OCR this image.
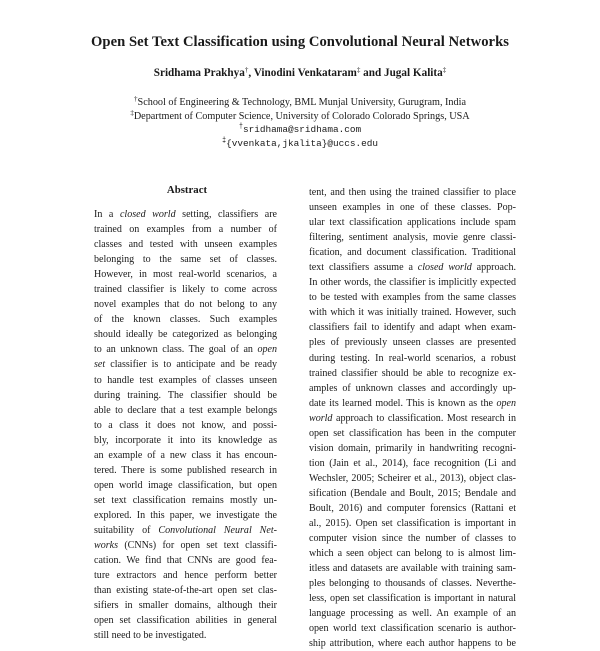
Open Set Text Classification using Convolutional Neural Networks
Sridhama Prakhya†, Vinodini Venkataram‡ and Jugal Kalita‡
†School of Engineering & Technology, BML Munjal University, Gurugram, India
‡Department of Computer Science, University of Colorado Colorado Springs, USA
†sridhama@sridhama.com
‡{vvenkata,jkalita}@uccs.edu
Abstract
In a closed world setting, classifiers are
trained on examples from a number of
classes and tested with unseen examples
belonging to the same set of classes.
However, in most real-world scenarios, a
trained classifier is likely to come across
novel examples that do not belong to any
of the known classes. Such examples
should ideally be categorized as belonging
to an unknown class. The goal of an open
set classifier is to anticipate and be ready
to handle test examples of classes unseen
during training. The classifier should be
able to declare that a test example belongs
to a class it does not know, and possi-
bly, incorporate it into its knowledge as
an example of a new class it has encoun-
tered. There is some published research in
open world image classification, but open
set text classification remains mostly un-
explored. In this paper, we investigate the
suitability of Convolutional Neural Net-
works (CNNs) for open set text classifi-
cation. We find that CNNs are good fea-
ture extractors and hence perform better
than existing state-of-the-art open set clas-
sifiers in smaller domains, although their
open set classification abilities in general
still need to be investigated.
tent, and then using the trained classifier to place
unseen examples in one of these classes. Pop-
ular text classification applications include spam
filtering, sentiment analysis, movie genre classi-
fication, and document classification. Traditional
text classifiers assume a closed world approach.
In other words, the classifier is implicitly expected
to be tested with examples from the same classes
with which it was initially trained. However, such
classifiers fail to identify and adapt when exam-
ples of previously unseen classes are presented
during testing. In real-world scenarios, a robust
trained classifier should be able to recognize ex-
amples of unknown classes and accordingly up-
date its learned model. This is known as the open
world approach to classification. Most research in
open set classification has been in the computer
vision domain, primarily in handwriting recogni-
tion (Jain et al., 2014), face recognition (Li and
Wechsler, 2005; Scheirer et al., 2013), object clas-
sification (Bendale and Boult, 2015; Bendale and
Boult, 2016) and computer forensics (Rattani et
al., 2015). Open set classification is important in
computer vision since the number of classes to
which a seen object can belong to is almost lim-
itless and datasets are available with training sam-
ples belonging to thousands of classes. Neverthe-
less, open set classification is important in natural
language processing as well. An example of an
open world text classification scenario is author-
ship attribution, where each author happens to be
